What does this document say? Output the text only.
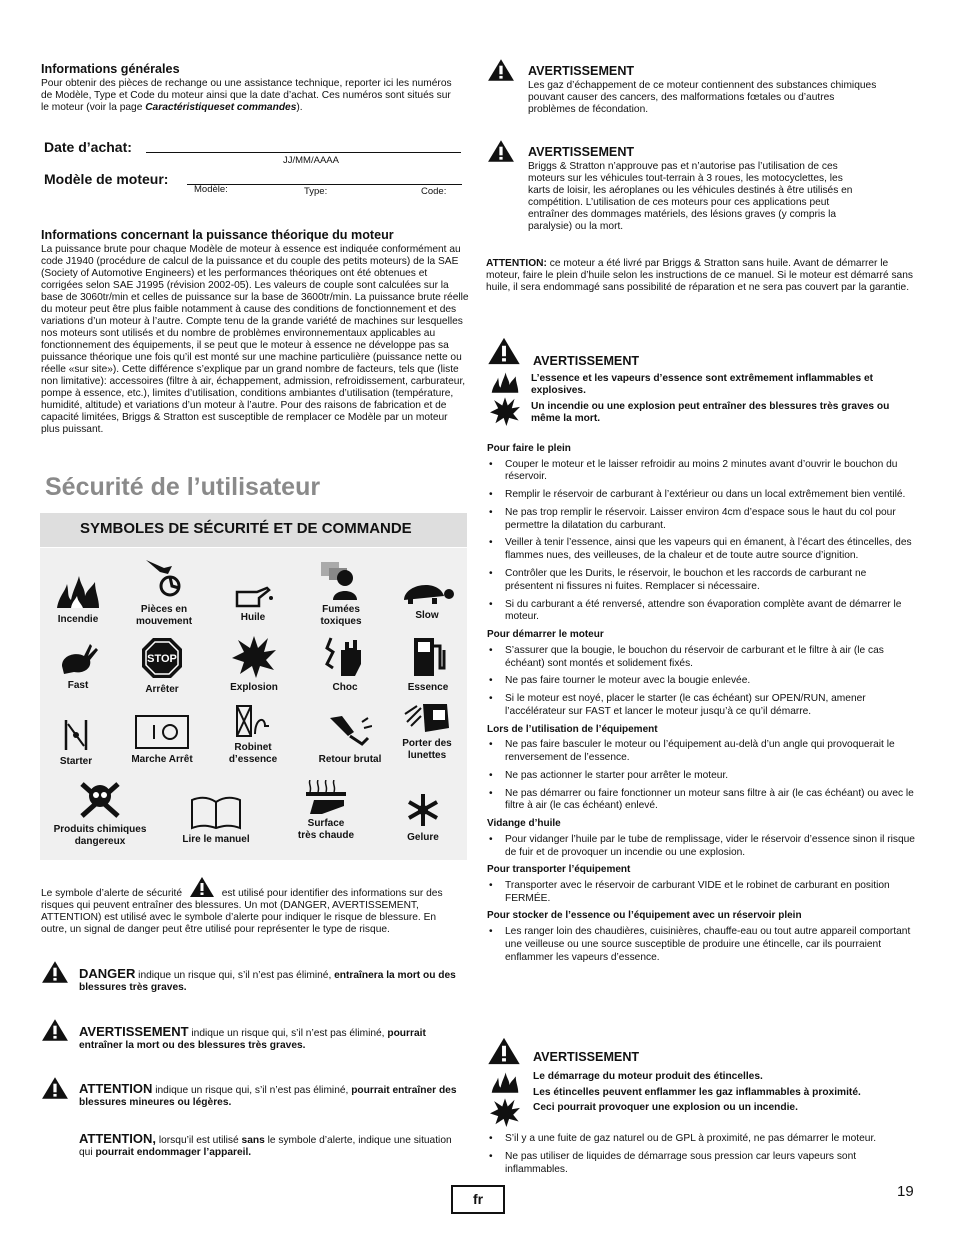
Informations générales
Pour obtenir des pièces de rechange ou une assistance technique, reporter ici les numéros de Modèle, Type et Code du moteur ainsi que la date d’achat. Ces numéros sont situés sur le moteur (voir la page Caractéristiqueset commandes).
Date d’achat:
JJ/MM/AAAA
Modèle de moteur:
Modèle:	Type:	Code:
Informations concernant la puissance théorique du moteur
La puissance brute pour chaque Modèle de moteur à essence est indiquée conformément au code J1940 (procédure de calcul de la puissance et du couple des petits moteurs) de la SAE (Society of Automotive Engineers) et les performances théoriques ont été obtenues et corrigées selon SAE J1995 (révision 2002-05). Les valeurs de couple sont calculées sur la base de 3060tr/min et celles de puissance sur la base de 3600tr/min. La puissance brute réelle du moteur peut être plus faible notamment à cause des conditions de fonctionnement et des variations d’un moteur à l’autre. Compte tenu de la grande variété de machines sur lesquelles nos moteurs sont utilisés et du nombre de problèmes environnementaux applicables au fonctionnement des équipements, il se peut que le moteur à essence ne développe pas sa puissance théorique une fois qu’il est monté sur une machine particulière (puissance nette ou réelle «sur site»). Cette différence s’explique par un grand nombre de facteurs, tels que (liste non limitative): accessoires (filtre à air, échappement, admission, refroidissement, carburateur, pompe à essence, etc.), limites d’utilisation, conditions ambiantes d’utilisation (température, humidité, altitude) et variations d’un moteur à l’autre. Pour des raisons de fabrication et de capacité limitées, Briggs & Stratton est susceptible de remplacer ce Modèle par un moteur plus puissant.
Sécurité de l’utilisateur
SYMBOLES DE SÉCURITÉ ET DE COMMANDE
Incendie
Pièces en
mouvement	Huile
Fumées
toxiques
Slow
Fast
STOP
Arrêter	Explosion	Choc	Essence
Starter	Marche Arrêt
Robinet
d’essence	Retour brutal
Porter des
lunettes
Produits chimiques
dangereux	Lire le manuel
Surface
très chaude	Gelure
Le symbole d’alerte de sécurité	est utilisé pour identifier des informations sur des risques qui peuvent entraîner des blessures. Un mot (DANGER, AVERTISSEMENT, ATTENTION) est utilisé avec le symbole d’alerte pour indiquer le risque de blessure. En outre, un signal de danger peut être utilisé pour représenter le type de risque.
DANGER indique un risque qui, s’il n’est pas éliminé, entraînera la mort ou des blessures très graves.
AVERTISSEMENT indique un risque qui, s’il n’est pas éliminé, pourrait entraîner la mort ou des blessures très graves.
ATTENTION indique un risque qui, s’il n’est pas éliminé, pourrait entraîner des blessures mineures ou légères.
ATTENTION, lorsqu’il est utilisé sans le symbole d’alerte, indique une situation qui pourrait endommager l’appareil.
AVERTISSEMENT
Les gaz d’échappement de ce moteur contiennent des substances chimiques pouvant causer des cancers, des malformations fœtales ou d’autres problèmes de fécondation.
AVERTISSEMENT
Briggs & Stratton n’approuve pas et n’autorise pas l’utilisation de ces moteurs sur les véhicules tout-terrain à 3 roues, les motocyclettes, les karts de loisir, les aéroplanes ou les véhicules destinés à être utilisés en compétition. L’utilisation de ces moteurs pour ces applications peut entraîner des dommages matériels, des lésions graves (y compris la paralysie) ou la mort.
ATTENTION: ce moteur a été livré par Briggs & Stratton sans huile. Avant de démarrer le moteur, faire le plein d’huile selon les instructions de ce manuel. Si le moteur est démarré sans huile, il sera endommagé sans possibilité de réparation et ne sera pas couvert par la garantie.
AVERTISSEMENT
L’essence et les vapeurs d’essence sont extrêmement inflammables et explosives.
Un incendie ou une explosion peut entraîner des blessures très graves ou même la mort.
Pour faire le plein
• Couper le moteur et le laisser refroidir au moins 2 minutes avant d’ouvrir le bouchon du réservoir.
• Remplir le réservoir de carburant à l’extérieur ou dans un local extrêmement bien ventilé.
• Ne pas trop remplir le réservoir. Laisser environ 4cm d’espace sous le haut du col pour permettre la dilatation du carburant.
• Veiller à tenir l’essence, ainsi que les vapeurs qui en émanent, à l’écart des étincelles, des flammes nues, des veilleuses, de la chaleur et de toute autre source d’ignition.
• Contrôler que les Durits, le réservoir, le bouchon et les raccords de carburant ne présentent ni fissures ni fuites. Remplacer si nécessaire.
• Si du carburant a été renversé, attendre son évaporation complète avant de démarrer le moteur.
Pour démarrer le moteur
• S’assurer que la bougie, le bouchon du réservoir de carburant et le filtre à air (le cas échéant) sont montés et solidement fixés.
• Ne pas faire tourner le moteur avec la bougie enlevée.
• Si le moteur est noyé, placer le starter (le cas échéant) sur OPEN/RUN, amener l’accélérateur sur FAST et lancer le moteur jusqu’à ce qu’il démarre.
Lors de l’utilisation de l’équipement
• Ne pas faire basculer le moteur ou l’équipement au-delà d’un angle qui provoquerait le renversement de l’essence.
• Ne pas actionner le starter pour arrêter le moteur.
• Ne pas démarrer ou faire fonctionner un moteur sans filtre à air (le cas échéant) ou avec le filtre à air (le cas échéant) enlevé.
Vidange d’huile
• Pour vidanger l’huile par le tube de remplissage, vider le réservoir d’essence sinon il risque de fuir et de provoquer un incendie ou une explosion.
Pour transporter l’équipement
• Transporter avec le réservoir de carburant VIDE et le robinet de carburant en position FERMÉE.
Pour stocker de l’essence ou l’équipement avec un réservoir plein
• Les ranger loin des chaudières, cuisinières, chauffe-eau ou tout autre appareil comportant une veilleuse ou une source susceptible de produire une étincelle, car ils pourraient enflammer les vapeurs d’essence.
AVERTISSEMENT
Le démarrage du moteur produit des étincelles.
Les étincelles peuvent enflammer les gaz inflammables à proximité.
Ceci pourrait provoquer une explosion ou un incendie.
• S’il y a une fuite de gaz naturel ou de GPL à proximité, ne pas démarrer le moteur.
• Ne pas utiliser de liquides de démarrage sous pression car leurs vapeurs sont inflammables.
fr	19
